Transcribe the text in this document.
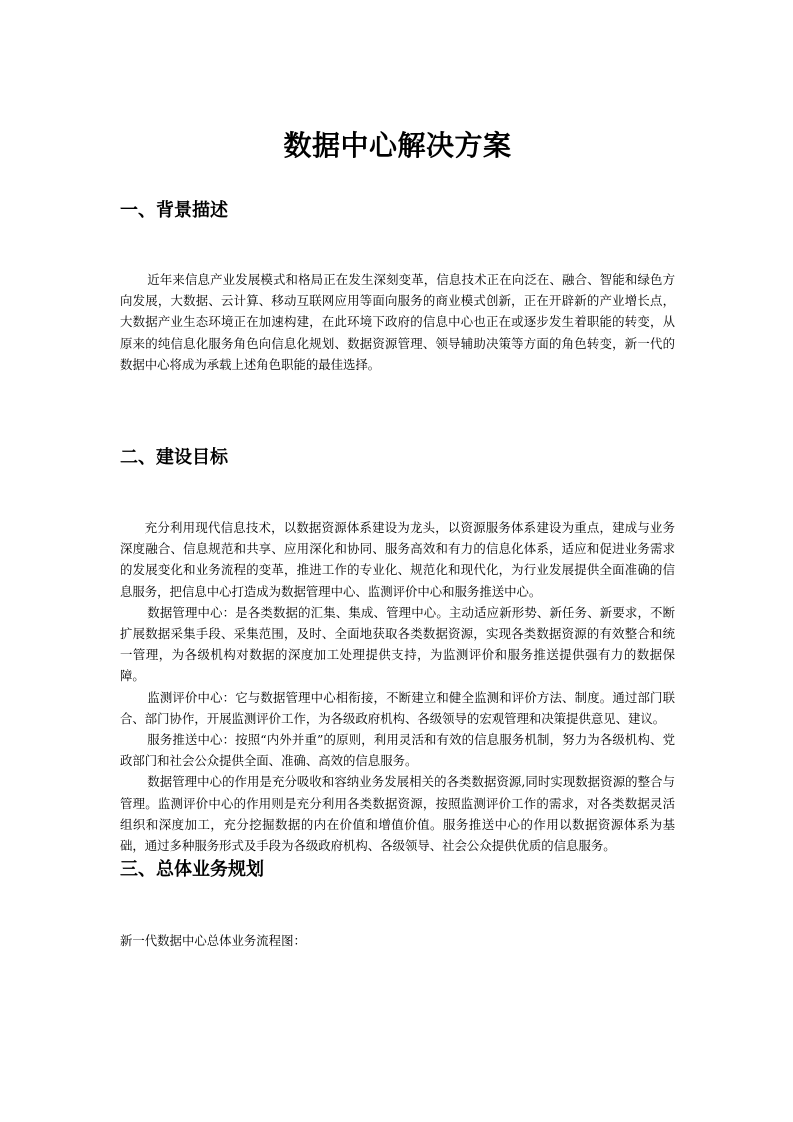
数据中心解决方案
一、背景描述

近年来信息产业发展模式和格局正在发生深刻变革，信息技术正在向泛在、融合、智能和绿色方向发展，大数据、云计算、移动互联网应用等面向服务的商业模式创新，正在开辟新的产业增长点，大数据产业生态环境正在加速构建，在此环境下政府的信息中心也正在或逐步发生着职能的转变，从原来的纯信息化服务角色向信息化规划、数据资源管理、领导辅助决策等方面的角色转变，新一代的数据中心将成为承载上述角色职能的最佳选择。

二、建设目标

充分利用现代信息技术，以数据资源体系建设为龙头，以资源服务体系建设为重点，建成与业务深度融合、信息规范和共享、应用深化和协同、服务高效和有力的信息化体系，适应和促进业务需求的发展变化和业务流程的变革，推进工作的专业化、规范化和现代化，为行业发展提供全面准确的信息服务，把信息中心打造成为数据管理中心、监测评价中心和服务推送中心。

数据管理中心：是各类数据的汇集、集成、管理中心。主动适应新形势、新任务、新要求，不断扩展数据采集手段、采集范围，及时、全面地获取各类数据资源，实现各类数据资源的有效整合和统一管理，为各级机构对数据的深度加工处理提供支持，为监测评价和服务推送提供强有力的数据保障。

监测评价中心：它与数据管理中心相衔接，不断建立和健全监测和评价方法、制度。通过部门联合、部门协作，开展监测评价工作，为各级政府机构、各级领导的宏观管理和决策提供意见、建议。

服务推送中心：按照“内外并重”的原则，利用灵活和有效的信息服务机制，努力为各级机构、党政部门和社会公众提供全面、准确、高效的信息服务。

数据管理中心的作用是充分吸收和容纳业务发展相关的各类数据资源,同时实现数据资源的整合与管理。监测评价中心的作用则是充分利用各类数据资源，按照监测评价工作的需求，对各类数据灵活组织和深度加工，充分挖掘数据的内在价值和增值价值。服务推送中心的作用以数据资源体系为基础，通过多种服务形式及手段为各级政府机构、各级领导、社会公众提供优质的信息服务。

三、总体业务规划
新一代数据中心总体业务流程图：
